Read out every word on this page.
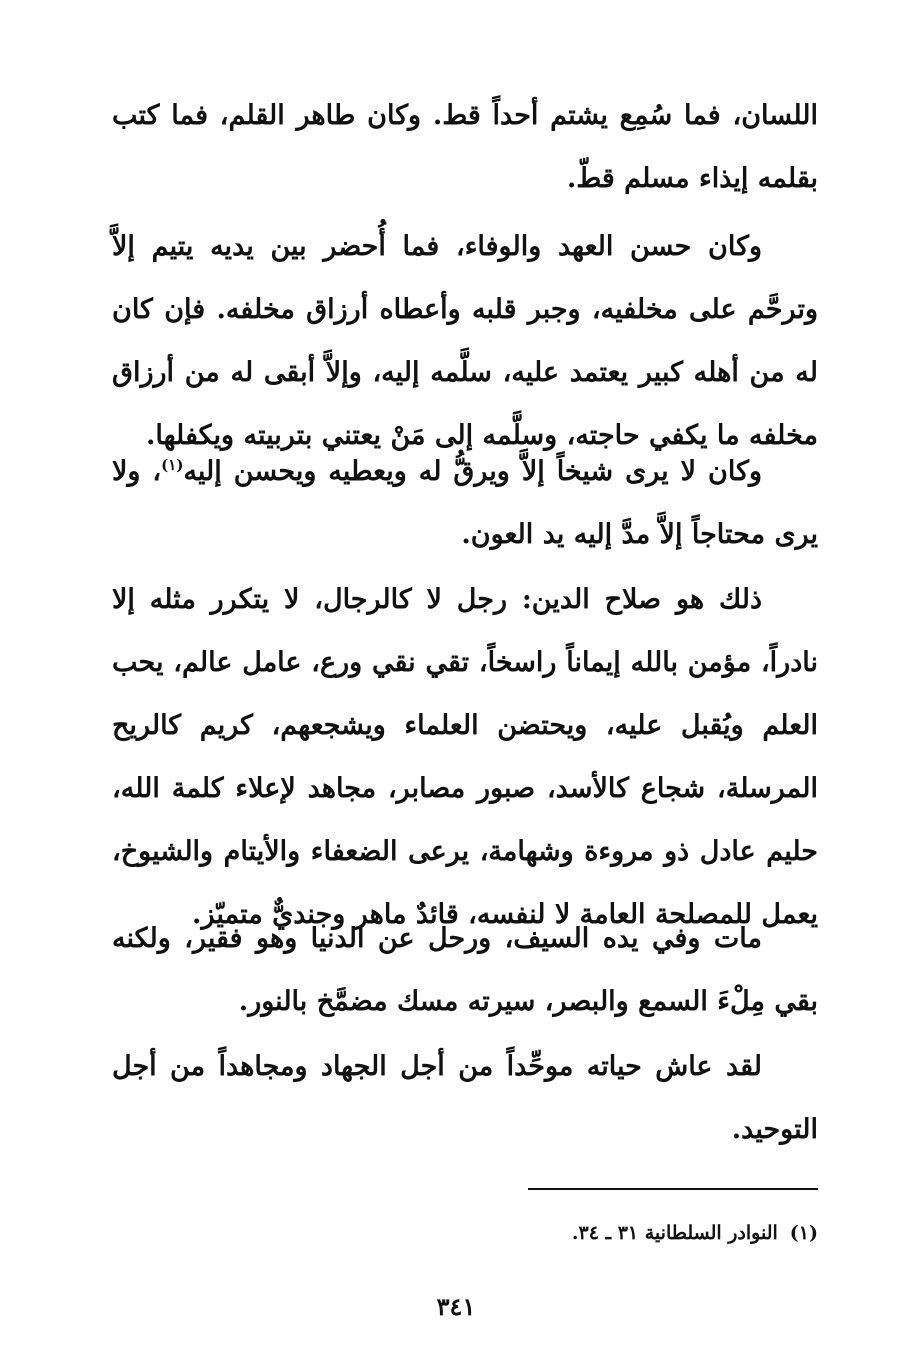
اللسان، فما سُمِع يشتم أحداً قط. وكان طاهر القلم، فما كتب بقلمه إيذاء مسلم قطّ.

وكان حسن العهد والوفاء، فما أُحضر بين يديه يتيم إلاَّ وترحَّم على مخلفيه، وجبر قلبه وأعطاه أرزاق مخلفه. فإن كان له من أهله كبير يعتمد عليه، سلَّمه إليه، وإلاَّ أبقى له من أرزاق مخلفه ما يكفي حاجته، وسلَّمه إلى مَنْ يعتني بتربيته ويكفلها.

وكان لا يرى شيخاً إلاَّ ويرقُّ له ويعطيه ويحسن إليه$^{(١)}$، ولا يرى محتاجاً إلاَّ مدَّ إليه يد العون.

ذلك هو صلاح الدين: رجل لا كالرجال، لا يتكرر مثله إلا نادراً، مؤمن بالله إيماناً راسخاً، تقي نقي ورع، عامل عالم، يحب العلم ويُقبل عليه، ويحتضن العلماء ويشجعهم، كريم كالريح المرسلة، شجاع كالأسد، صبور مصابر، مجاهد لإعلاء كلمة الله، حليم عادل ذو مروءة وشهامة، يرعى الضعفاء والأيتام والشيوخ، يعمل للمصلحة العامة لا لنفسه، قائدٌ ماهر وجنديٌّ متميّز.

مات وفي يده السيف، ورحل عن الدنيا وهو فقير، ولكنه بقي مِلْءَ السمع والبصر، سيرته مسك مضمَّخ بالنور.

لقد عاش حياته موحِّداً من أجل الجهاد ومجاهداً من أجل التوحيد.

(١)النوادر السلطانية ٣١ ـ ٣٤.
٣٤١
